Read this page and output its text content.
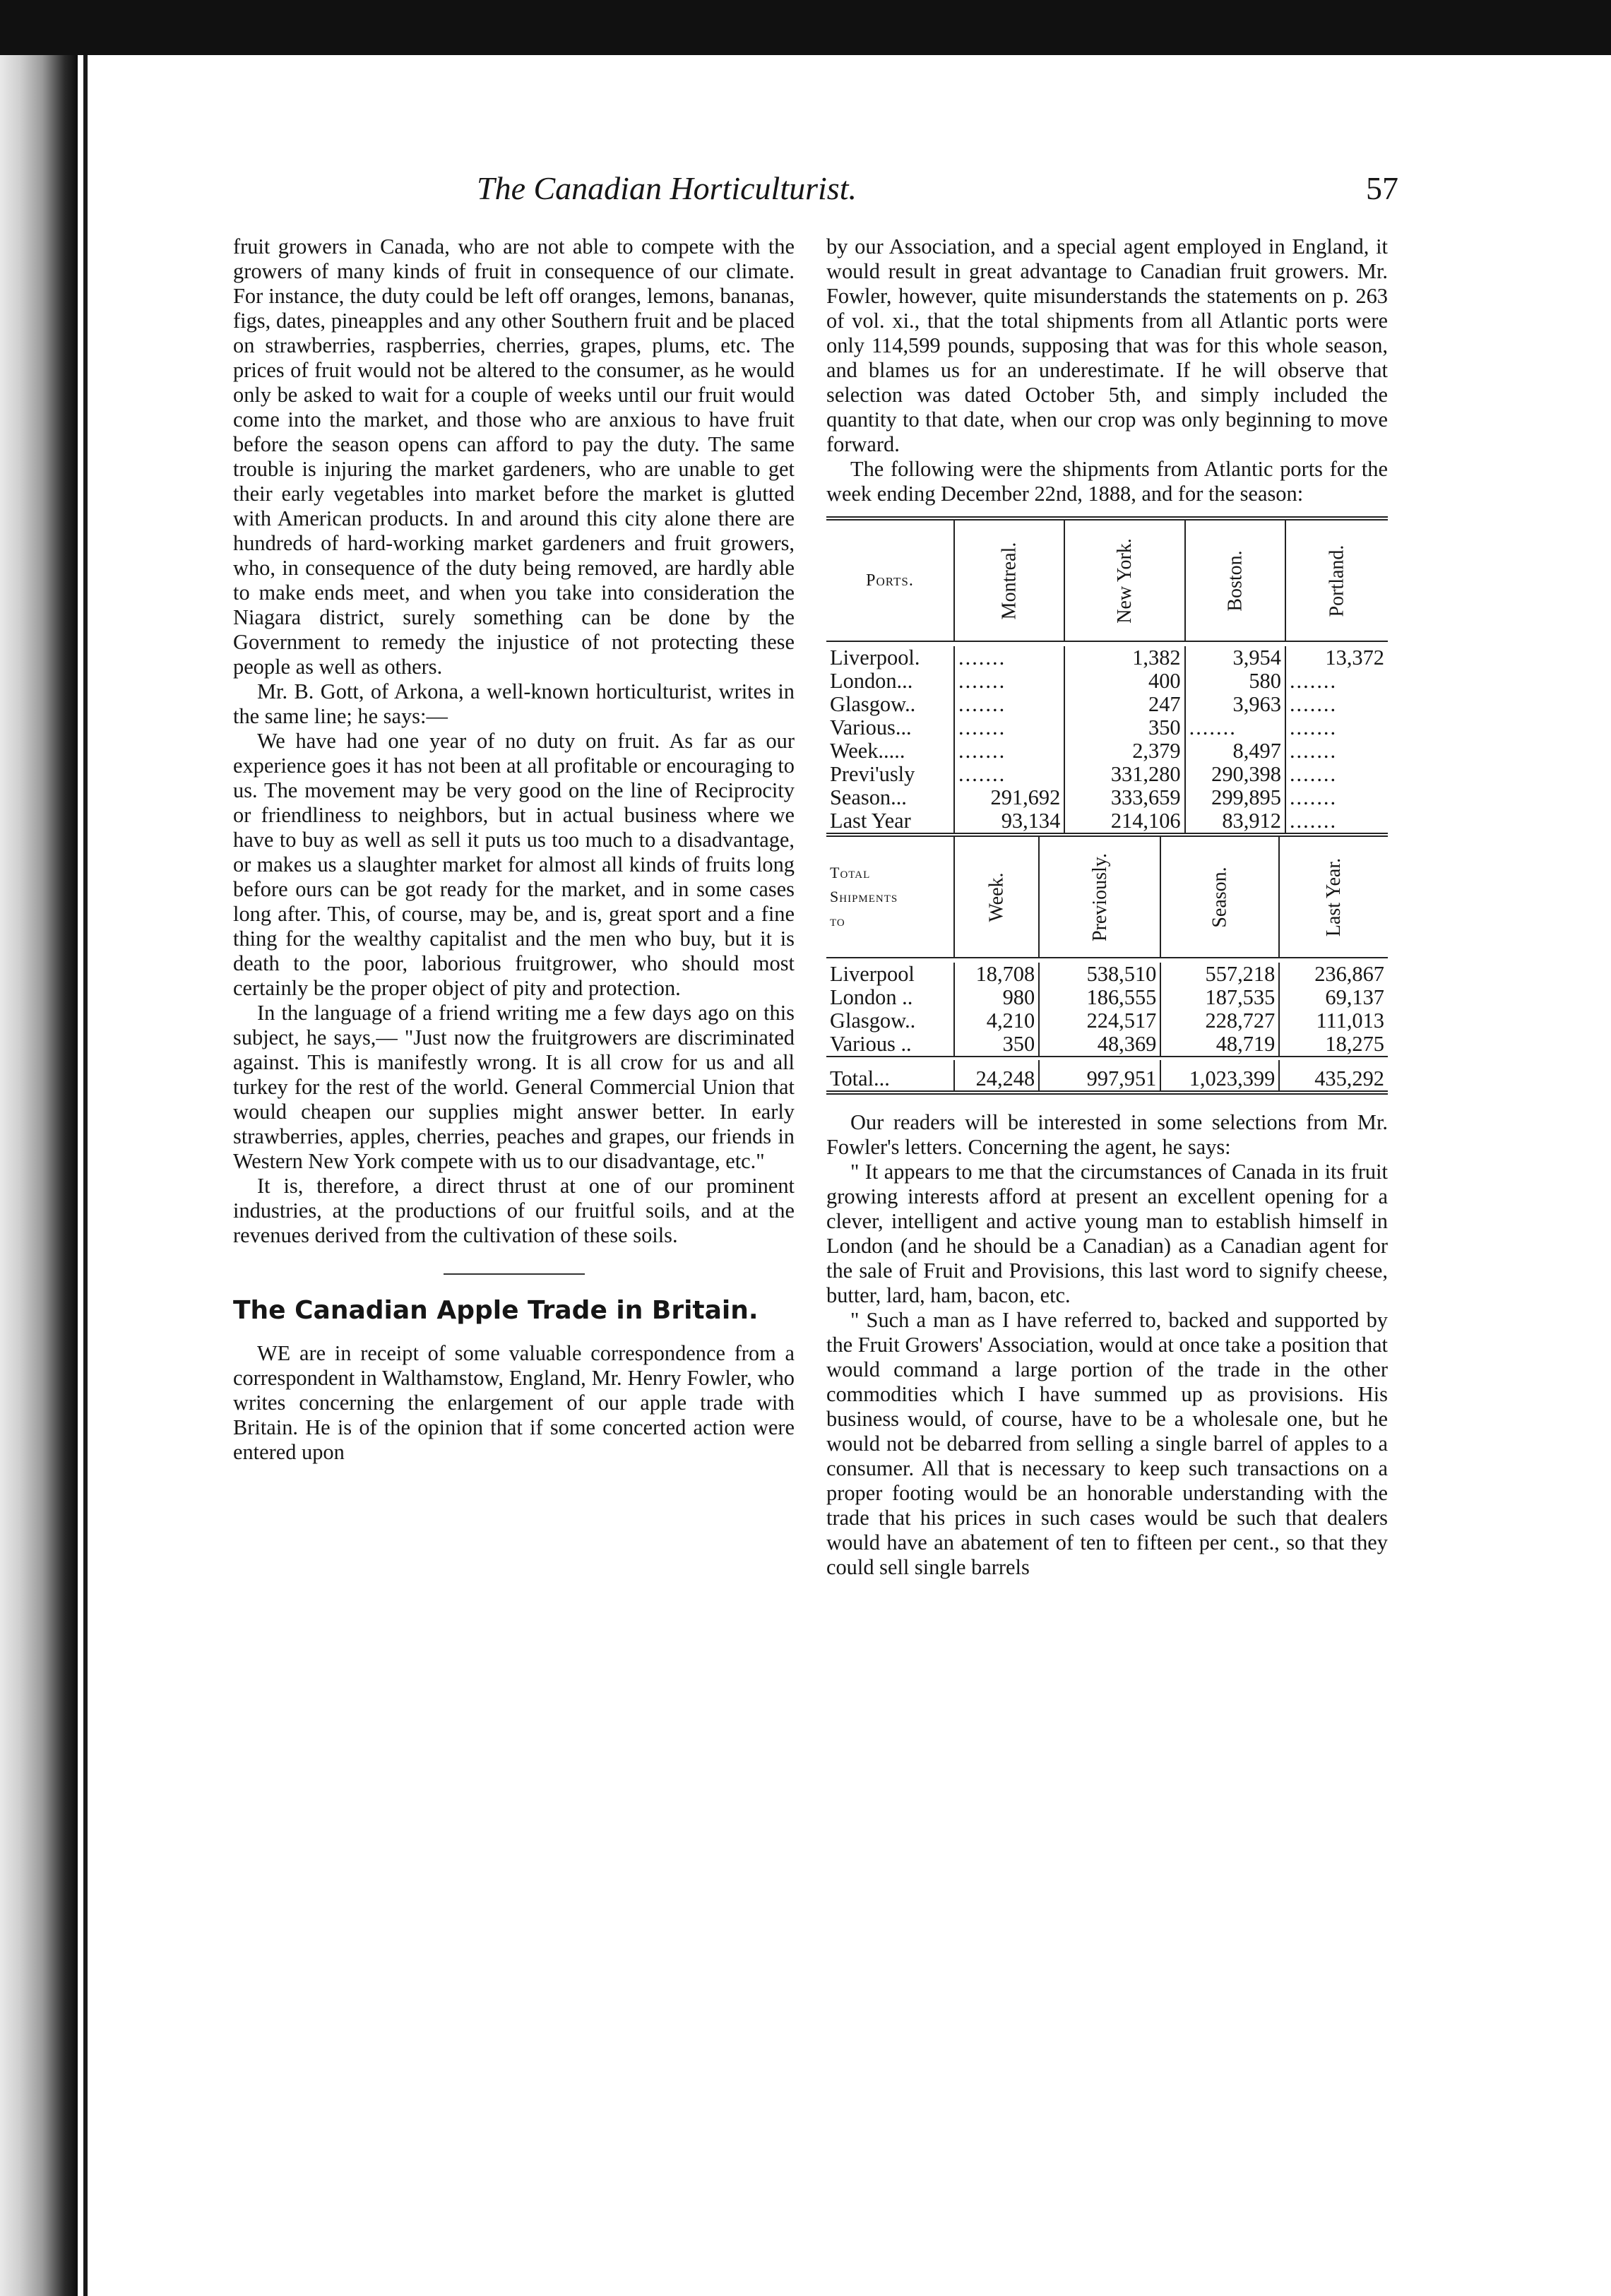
The Canadian Horticulturist.	57

fruit growers in Canada, who are not able to compete with the growers of many kinds of fruit in consequence of our climate. For instance, the duty could be left off oranges, lemons, bananas, figs, dates, pineapples and any other Southern fruit and be placed on strawberries, raspberries, cherries, grapes, plums, etc. The prices of fruit would not be altered to the consumer, as he would only be asked to wait for a couple of weeks until our fruit would come into the market, and those who are anxious to have fruit before the season opens can afford to pay the duty. The same trouble is injuring the market gardeners, who are unable to get their early vegetables into market before the market is glutted with American products. In and around this city alone there are hundreds of hard-working market gardeners and fruit growers, who, in consequence of the duty being removed, are hardly able to make ends meet, and when you take into consideration the Niagara district, surely something can be done by the Government to remedy the injustice of not protecting these people as well as others.

Mr. B. Gott, of Arkona, a well-known horticulturist, writes in the same line; he says:—

We have had one year of no duty on fruit. As far as our experience goes it has not been at all profitable or encouraging to us. The movement may be very good on the line of Reciprocity or friendliness to neighbors, but in actual business where we have to buy as well as sell it puts us too much to a disadvantage, or makes us a slaughter market for almost all kinds of fruits long before ours can be got ready for the market, and in some cases long after. This, of course, may be, and is, great sport and a fine thing for the wealthy capitalist and the men who buy, but it is death to the poor, laborious fruitgrower, who should most certainly be the proper object of pity and protection.

In the language of a friend writing me a few days ago on this subject, he says,— "Just now the fruitgrowers are discriminated against. This is manifestly wrong. It is all crow for us and all turkey for the rest of the world. General Commercial Union that would cheapen our supplies might answer better. In early strawberries, apples, cherries, peaches and grapes, our friends in Western New York compete with us to our disadvantage, etc."

It is, therefore, a direct thrust at one of our prominent industries, at the productions of our fruitful soils, and at the revenues derived from the cultivation of these soils.

The Canadian Apple Trade in Britain.

WE are in receipt of some valuable correspondence from a correspondent in Walthamstow, England, Mr. Henry Fowler, who writes concerning the enlargement of our apple trade with Britain. He is of the opinion that if some concerted action were entered upon

by our Association, and a special agent employed in England, it would result in great advantage to Canadian fruit growers. Mr. Fowler, however, quite misunderstands the statements on p. 263 of vol. xi., that the total shipments from all Atlantic ports were only 114,599 pounds, supposing that was for this whole season, and blames us for an underestimate. If he will observe that selection was dated October 5th, and simply included the quantity to that date, when our crop was only beginning to move forward.

The following were the shipments from Atlantic ports for the week ending December 22nd, 1888, and for the season:

Ports.	Montreal.	New York.	Boston.	Portland.

Liverpool.	.......	1,382	3,954	13,372
London...	.......	400	580	.......
Glasgow..	.......	247	3,963	.......
Various...	.......	350	.......	.......
Week.....	.......	2,379	8,497	.......
Previ'usly	.......	331,280	290,398	.......
Season...	291,692	333,659	299,895	.......
Last Year	93,134	214,106	83,912	.......
Total
Shipments
to	Week.	Previously.	Season.	Last Year.

Liverpool	18,708	538,510	557,218	236,867
London ..	980	186,555	187,535	69,137
Glasgow..	4,210	224,517	228,727	111,013
Various ..	350	48,369	48,719	18,275

Total...	24,248	997,951	1,023,399	435,292

Our readers will be interested in some selections from Mr. Fowler's letters. Concerning the agent, he says:

" It appears to me that the circumstances of Canada in its fruit growing interests afford at present an excellent opening for a clever, intelligent and active young man to establish himself in London (and he should be a Canadian) as a Canadian agent for the sale of Fruit and Provisions, this last word to signify cheese, butter, lard, ham, bacon, etc.

" Such a man as I have referred to, backed and supported by the Fruit Growers' Association, would at once take a position that would command a large portion of the trade in the other commodities which I have summed up as provisions. His business would, of course, have to be a wholesale one, but he would not be debarred from selling a single barrel of apples to a consumer. All that is necessary to keep such transactions on a proper footing would be an honorable understanding with the trade that his prices in such cases would be such that dealers would have an abatement of ten to fifteen per cent., so that they could sell single barrels
